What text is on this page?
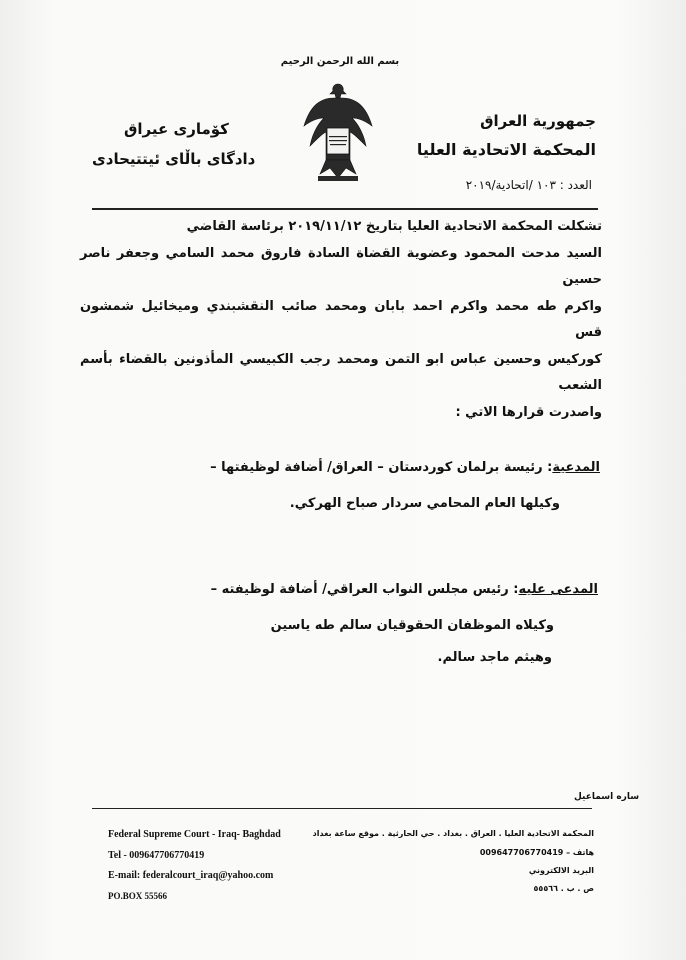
بسم الله الرحمن الرحيم
جمهورية العراق
المحكمة الاتحادية العليا
العدد : ١٠٣ /اتحادية/٢٠١٩
كۆماری عیراق
دادگای باڵای ئیتتیحادی
تشكلت المحكمة الاتحادية العليا بتاريخ ٢٠١٩/١١/١٢ برئاسة القاضي
السيد مدحت المحمود وعضوية القضاة السادة فاروق محمد السامي وجعفر ناصر حسين
واكرم طه محمد واكرم احمد بابان ومحمد صائب النقشبندي وميخائيل شمشون قس
كوركيس وحسين عباس ابو التمن ومحمد رجب الكبيسي المأذونين بالقضاء بأسم الشعب
واصدرت قرارها الاتي :
المدعية: رئيسة برلمان كوردستان – العراق/ أضافة لوظيفتها –
وكيلها العام المحامي سردار صباح الهركي.
المدعى عليه: رئيس مجلس النواب العراقي/ أضافة لوظيفته –
وكيلاه الموظفان الحقوقيان سالم طه ياسين
وهيثم ماجد سالم.
ساره اسماعيل
Federal Supreme Court - Iraq- Baghdad
Tel - 009647706770419
E-mail: federalcourt_iraq@yahoo.com
PO.BOX 55566
المحكمة الاتحادية العليا . العراق . بغداد . حي الحارثية . موقع ساعة بغداد
هاتف – 009647706770419
البريد الالكتروني
ص . ب . ٥٥٥٦٦
